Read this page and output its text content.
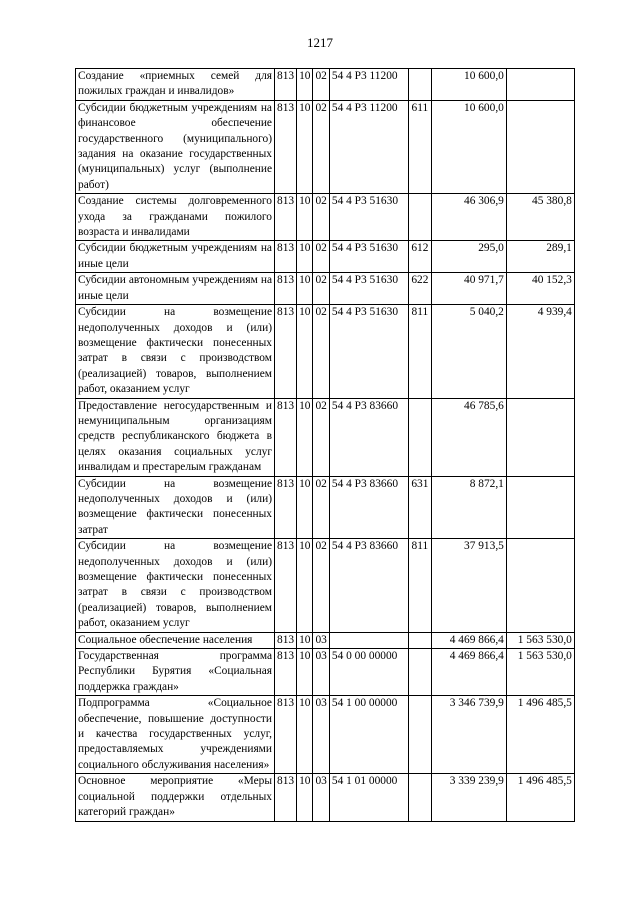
1217
Создание «приемных семей для пожилых граждан и инвалидов»	813	10	02	54 4 Р3 11200		10 600,0	
Субсидии бюджетным учреждениям на финансовое обеспечение государственного (муниципального) задания на оказание государственных (муниципальных) услуг (выполнение работ)	813	10	02	54 4 Р3 11200	611	10 600,0	
Создание системы долговременного ухода за гражданами пожилого возраста и инвалидами	813	10	02	54 4 Р3 51630		46 306,9	45 380,8
Субсидии бюджетным учреждениям на иные цели	813	10	02	54 4 Р3 51630	612	295,0	289,1
Субсидии автономным учреждениям на иные цели	813	10	02	54 4 Р3 51630	622	40 971,7	40 152,3
Субсидии на возмещение недополученных доходов и (или) возмещение фактически понесенных затрат в связи с производством (реализацией) товаров, выполнением работ, оказанием услуг	813	10	02	54 4 Р3 51630	811	5 040,2	4 939,4
Предоставление негосударственным и немуниципальным организациям средств республиканского бюджета в целях оказания социальных услуг инвалидам и престарелым гражданам	813	10	02	54 4 Р3 83660		46 785,6	
Субсидии на возмещение недополученных доходов и (или) возмещение фактически понесенных затрат	813	10	02	54 4 Р3 83660	631	8 872,1	
Субсидии на возмещение недополученных доходов и (или) возмещение фактически понесенных затрат в связи с производством (реализацией) товаров, выполнением работ, оказанием услуг	813	10	02	54 4 Р3 83660	811	37 913,5	
Социальное обеспечение населения	813	10	03			4 469 866,4	1 563 530,0
Государственная программа Республики Бурятия «Социальная поддержка граждан»	813	10	03	54 0 00 00000		4 469 866,4	1 563 530,0
Подпрограмма «Социальное обеспечение, повышение доступности и качества государственных услуг, предоставляемых учреждениями социального обслуживания населения»	813	10	03	54 1 00 00000		3 346 739,9	1 496 485,5
Основное мероприятие «Меры социальной поддержки отдельных категорий граждан»	813	10	03	54 1 01 00000		3 339 239,9	1 496 485,5
